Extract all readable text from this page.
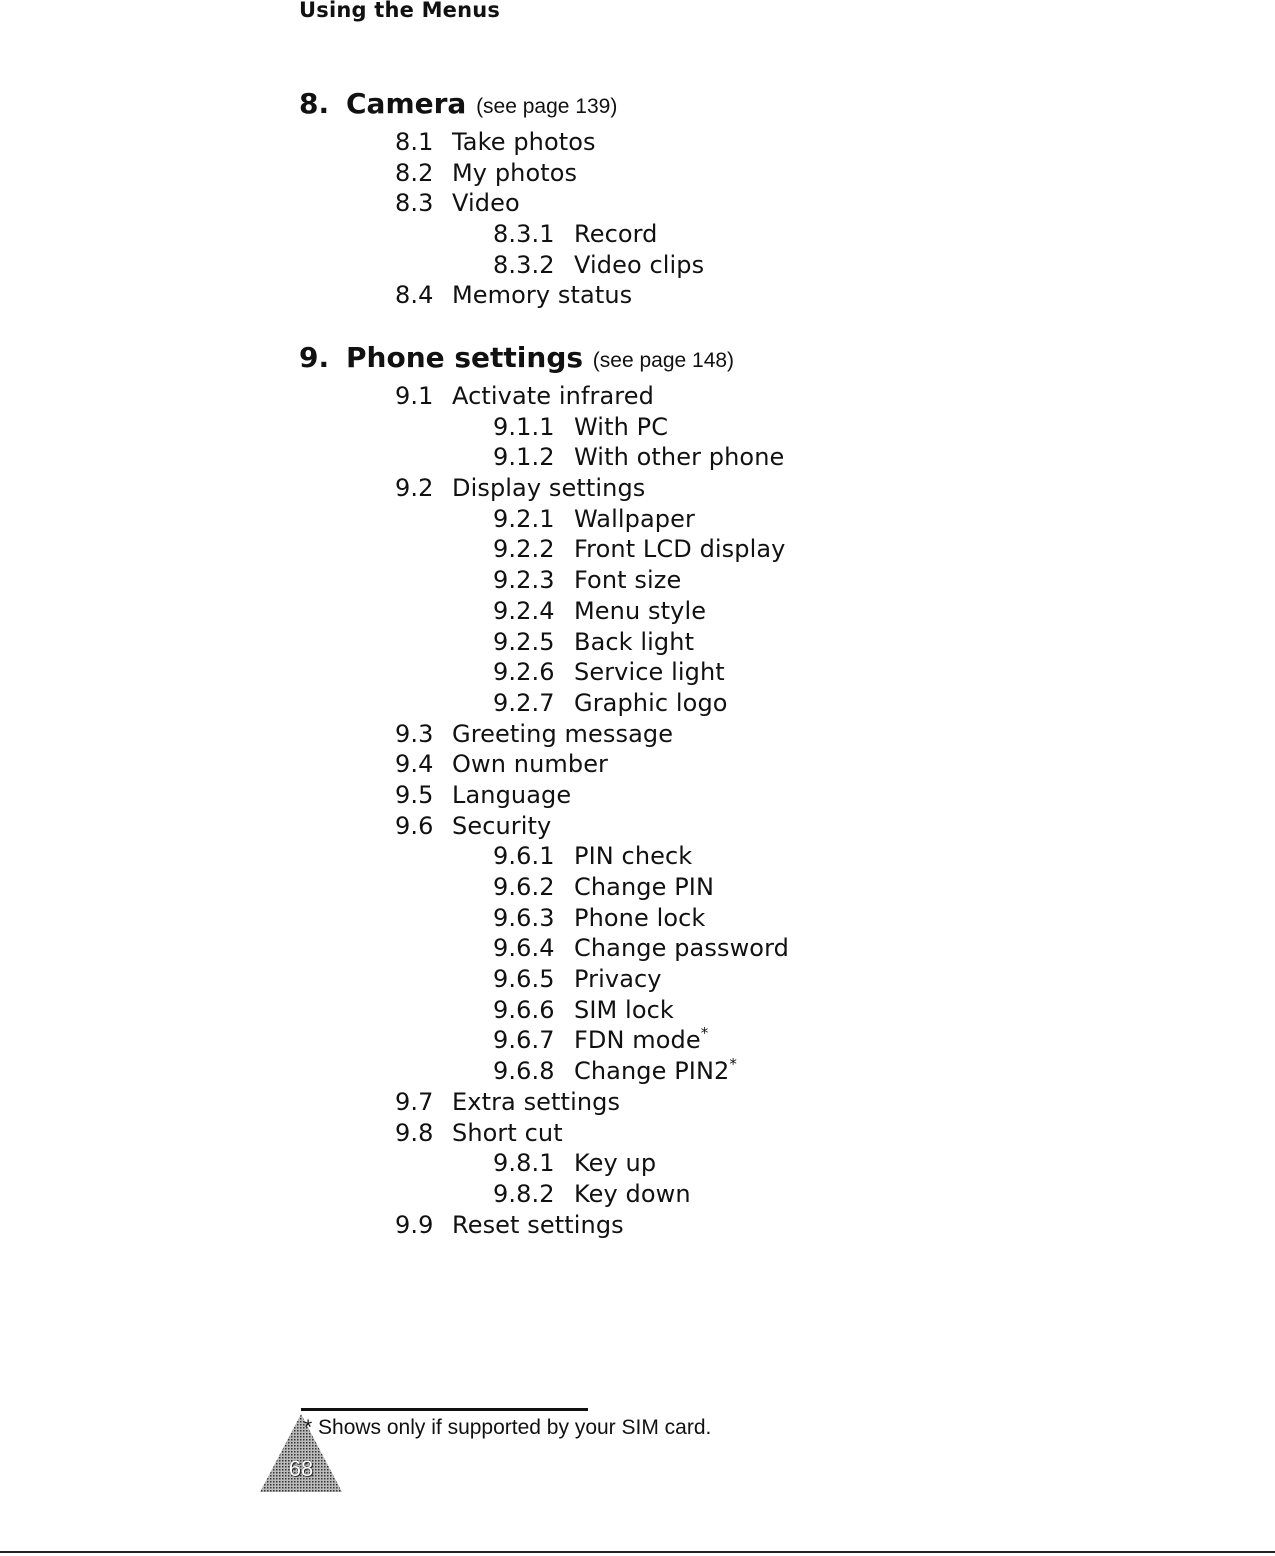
Using the Menus
8. Camera (see page 139)
8.1 Take photos
8.2 My photos
8.3 Video
8.3.1 Record
8.3.2 Video clips
8.4 Memory status
9. Phone settings (see page 148)
9.1 Activate infrared
9.1.1 With PC
9.1.2 With other phone
9.2 Display settings
9.2.1 Wallpaper
9.2.2 Front LCD display
9.2.3 Font size
9.2.4 Menu style
9.2.5 Back light
9.2.6 Service light
9.2.7 Graphic logo
9.3 Greeting message
9.4 Own number
9.5 Language
9.6 Security
9.6.1 PIN check
9.6.2 Change PIN
9.6.3 Phone lock
9.6.4 Change password
9.6.5 Privacy
9.6.6 SIM lock
9.6.7 FDN mode*
9.6.8 Change PIN2*
9.7 Extra settings
9.8 Short cut
9.8.1 Key up
9.8.2 Key down
9.9 Reset settings
* Shows only if supported by your SIM card.
68
